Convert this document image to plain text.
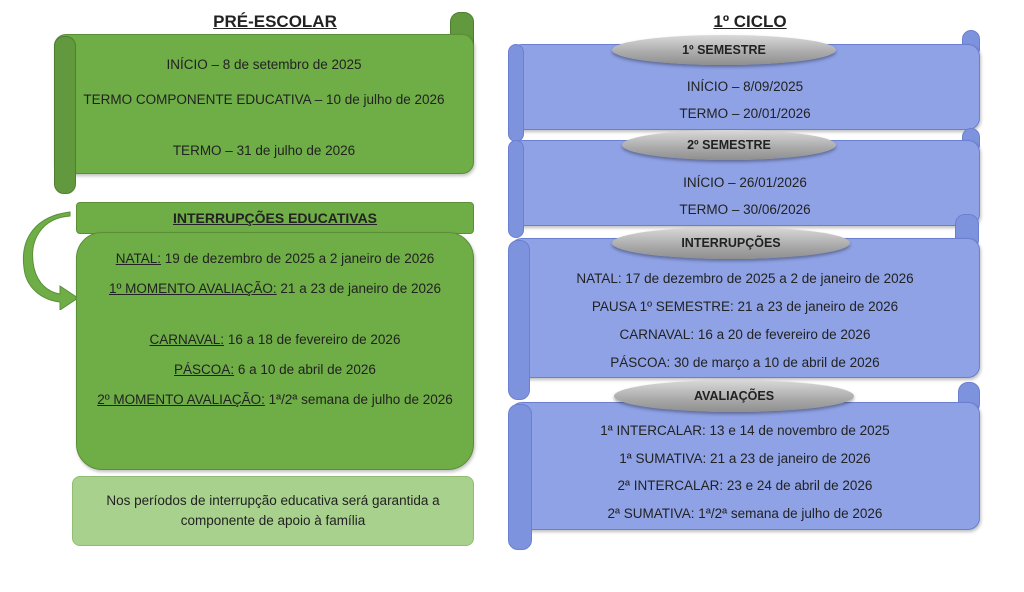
PRÉ-ESCOLAR
INÍCIO – 8 de setembro de 2025
TERMO COMPONENTE EDUCATIVA – 10 de julho de 2026
TERMO – 31 de julho de 2026
INTERRUPÇÕES EDUCATIVAS
NATAL: 19 de dezembro de 2025 a 2 janeiro de 2026
1º MOMENTO AVALIAÇÃO: 21 a 23 de janeiro de 2026
CARNAVAL: 16 a 18 de fevereiro de 2026
PÁSCOA: 6 a 10 de abril de 2026
2º MOMENTO AVALIAÇÃO: 1ª/2ª semana de julho de 2026
Nos períodos de interrupção educativa será garantida a componente de apoio à família
1º CICLO
INÍCIO – 8/09/2025
TERMO – 20/01/2026
1º SEMESTRE
INÍCIO – 26/01/2026
TERMO – 30/06/2026
2º SEMESTRE
NATAL: 17 de dezembro de 2025 a 2 de janeiro de 2026
PAUSA 1º SEMESTRE: 21 a 23 de janeiro de 2026
CARNAVAL: 16 a 20 de fevereiro de 2026
PÁSCOA: 30 de março a 10 de abril de 2026
INTERRUPÇÕES
1ª INTERCALAR: 13 e 14 de novembro de 2025
1ª SUMATIVA: 21 a 23 de janeiro de 2026
2ª INTERCALAR: 23 e 24 de abril de 2026
2ª SUMATIVA: 1ª/2ª semana de julho de 2026
AVALIAÇÕES
